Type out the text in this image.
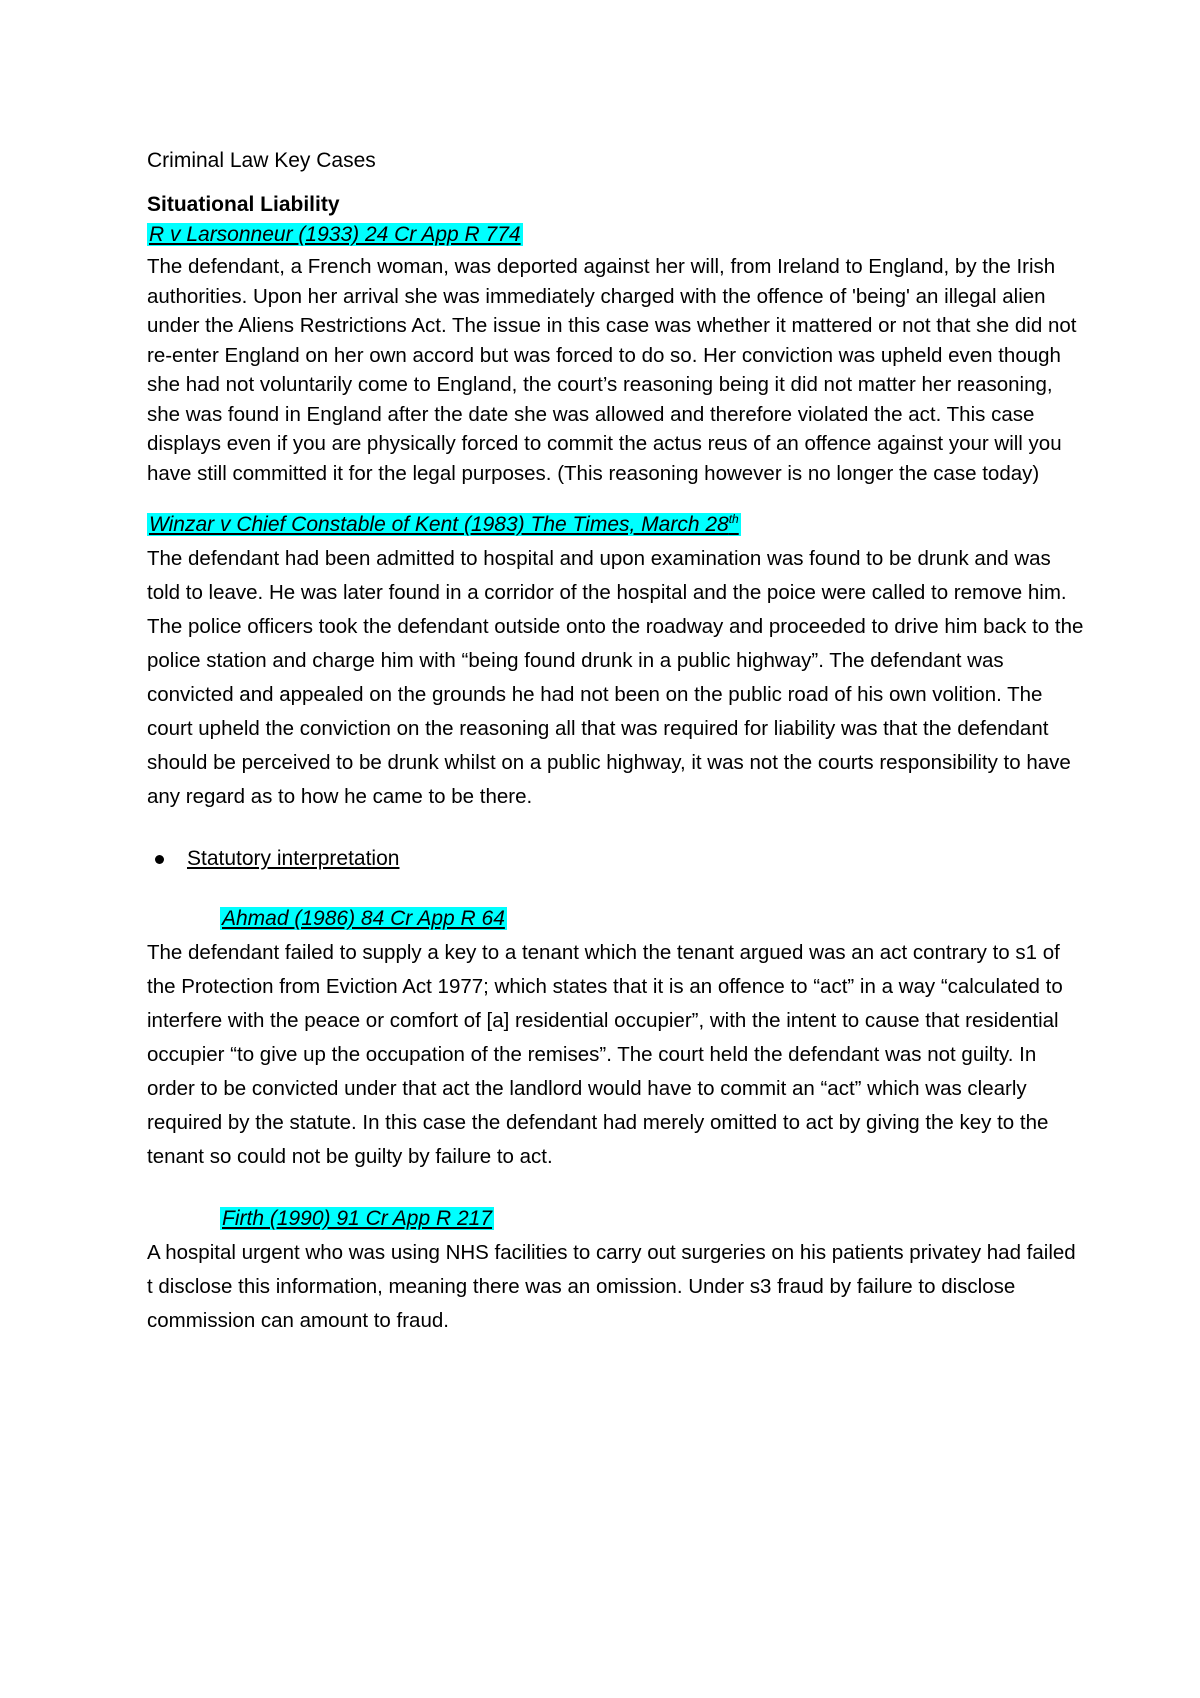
Criminal Law Key Cases

Situational Liability

R v Larsonneur (1933) 24 Cr App R 774

The defendant, a French woman, was deported against her will, from Ireland to England, by the Irish authorities. Upon her arrival she was immediately charged with the offence of 'being' an illegal alien under the Aliens Restrictions Act. The issue in this case was whether it mattered or not that she did not re-enter England on her own accord but was forced to do so. Her conviction was upheld even though she had not voluntarily come to England, the court’s reasoning being it did not matter her reasoning, she was found in England after the date she was allowed and therefore violated the act. This case displays even if you are physically forced to commit the actus reus of an offence against your will you have still committed it for the legal purposes. (This reasoning however is no longer the case today)

Winzar v Chief Constable of Kent (1983) The Times, March 28th

The defendant had been admitted to hospital and upon examination was found to be drunk and was told to leave. He was later found in a corridor of the hospital and the poice were called to remove him. The police officers took the defendant outside onto the roadway and proceeded to drive him back to the police station and charge him with “being found drunk in a public highway”. The defendant was convicted and appealed on the grounds he had not been on the public road of his own volition. The court upheld the conviction on the reasoning all that was required for liability was that the defendant should be perceived to be drunk whilst on a public highway, it was not the courts responsibility to have any regard as to how he came to be there.

Statutory interpretation
Ahmad (1986) 84 Cr App R 64

The defendant failed to supply a key to a tenant which the tenant argued was an act contrary to s1 of the Protection from Eviction Act 1977; which states that it is an offence to “act” in a way “calculated to interfere with the peace or comfort of [a] residential occupier”, with the intent to cause that residential occupier “to give up the occupation of the remises”. The court held the defendant was not guilty. In order to be convicted under that act the landlord would have to commit an “act” which was clearly required by the statute. In this case the defendant had merely omitted to act by giving the key to the tenant so could not be guilty by failure to act.

Firth (1990) 91 Cr App R 217

A hospital urgent who was using NHS facilities to carry out surgeries on his patients privatey had failed t disclose this information, meaning there was an omission. Under s3 fraud by failure to disclose commission can amount to fraud.
